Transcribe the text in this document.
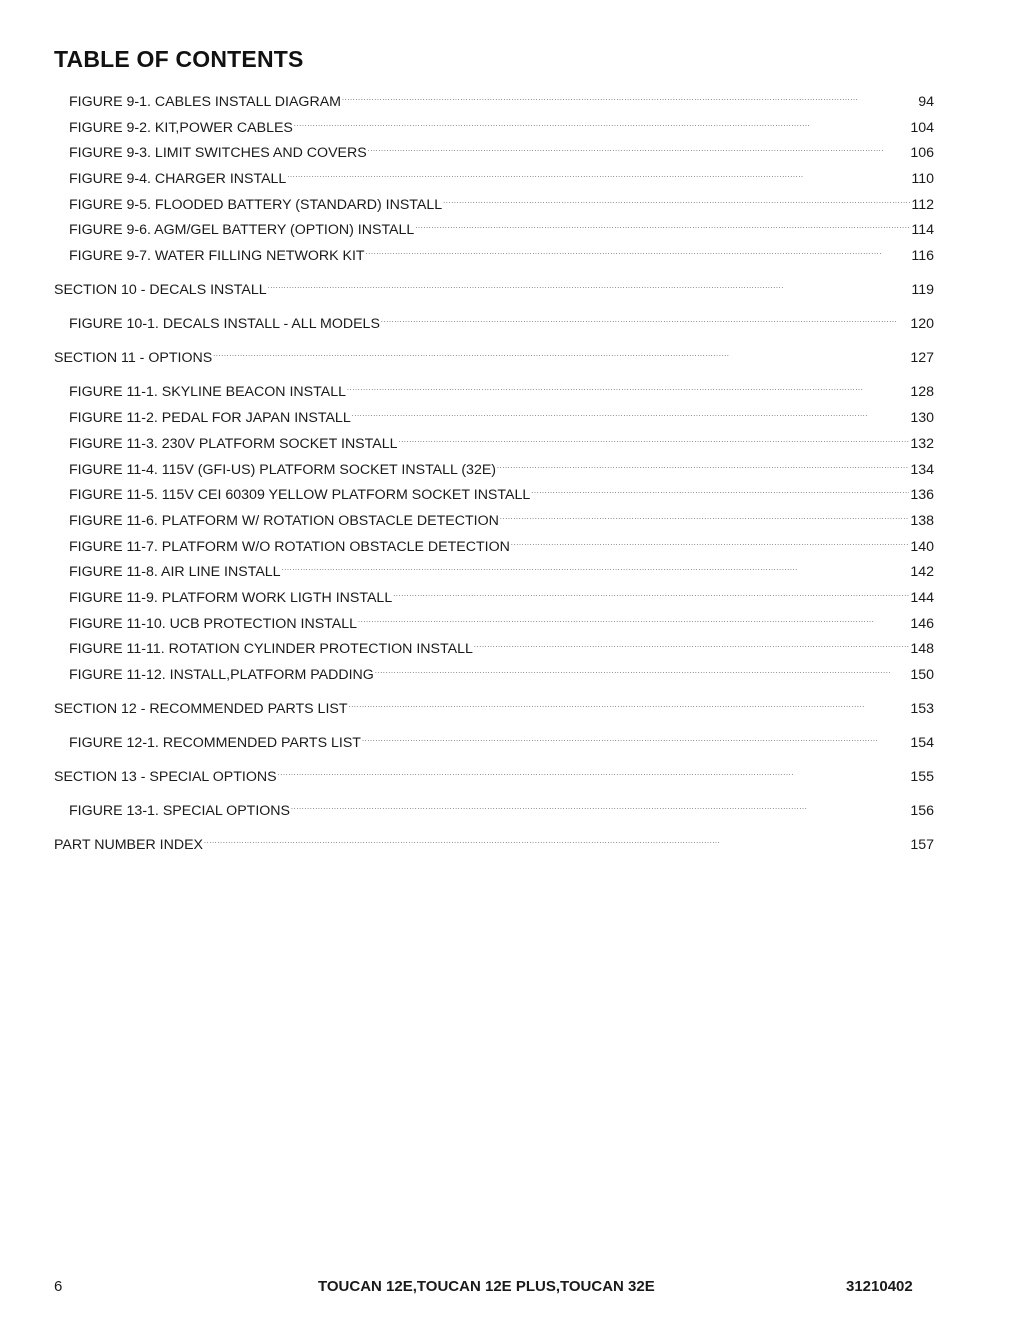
TABLE OF CONTENTS
FIGURE 9-1. CABLES INSTALL DIAGRAM . . .	94
FIGURE 9-2. KIT,POWER CABLES . . .	104
FIGURE 9-3. LIMIT SWITCHES AND COVERS . . .	106
FIGURE 9-4. CHARGER INSTALL . . .	110
FIGURE 9-5. FLOODED BATTERY (STANDARD) INSTALL . . .	112
FIGURE 9-6. AGM/GEL BATTERY (OPTION) INSTALL . . .	114
FIGURE 9-7. WATER FILLING NETWORK KIT . . .	116
SECTION 10 - DECALS INSTALL . . .	119
FIGURE 10-1. DECALS INSTALL - ALL MODELS . . .	120
SECTION 11 - OPTIONS . . .	127
FIGURE 11-1. SKYLINE BEACON INSTALL . . .	128
FIGURE 11-2. PEDAL FOR JAPAN INSTALL . . .	130
FIGURE 11-3. 230V PLATFORM SOCKET INSTALL . . .	132
FIGURE 11-4. 115V (GFI-US) PLATFORM SOCKET INSTALL (32E) . . .	134
FIGURE 11-5. 115V CEI 60309 YELLOW PLATFORM SOCKET INSTALL . . .	136
FIGURE 11-6. PLATFORM W/ ROTATION OBSTACLE DETECTION . . .	138
FIGURE 11-7. PLATFORM W/O ROTATION OBSTACLE DETECTION . . .	140
FIGURE 11-8. AIR LINE INSTALL . . .	142
FIGURE 11-9. PLATFORM WORK LIGTH INSTALL . . .	144
FIGURE 11-10. UCB PROTECTION INSTALL . . .	146
FIGURE 11-11. ROTATION CYLINDER PROTECTION INSTALL . . .	148
FIGURE 11-12. INSTALL,PLATFORM PADDING . . .	150
SECTION 12 - RECOMMENDED PARTS LIST . . .	153
FIGURE 12-1. RECOMMENDED PARTS LIST . . .	154
SECTION 13 - SPECIAL OPTIONS . . .	155
FIGURE 13-1. SPECIAL OPTIONS . . .	156
PART NUMBER INDEX . . .	157
6	TOUCAN 12E,TOUCAN 12E PLUS,TOUCAN 32E	31210402
